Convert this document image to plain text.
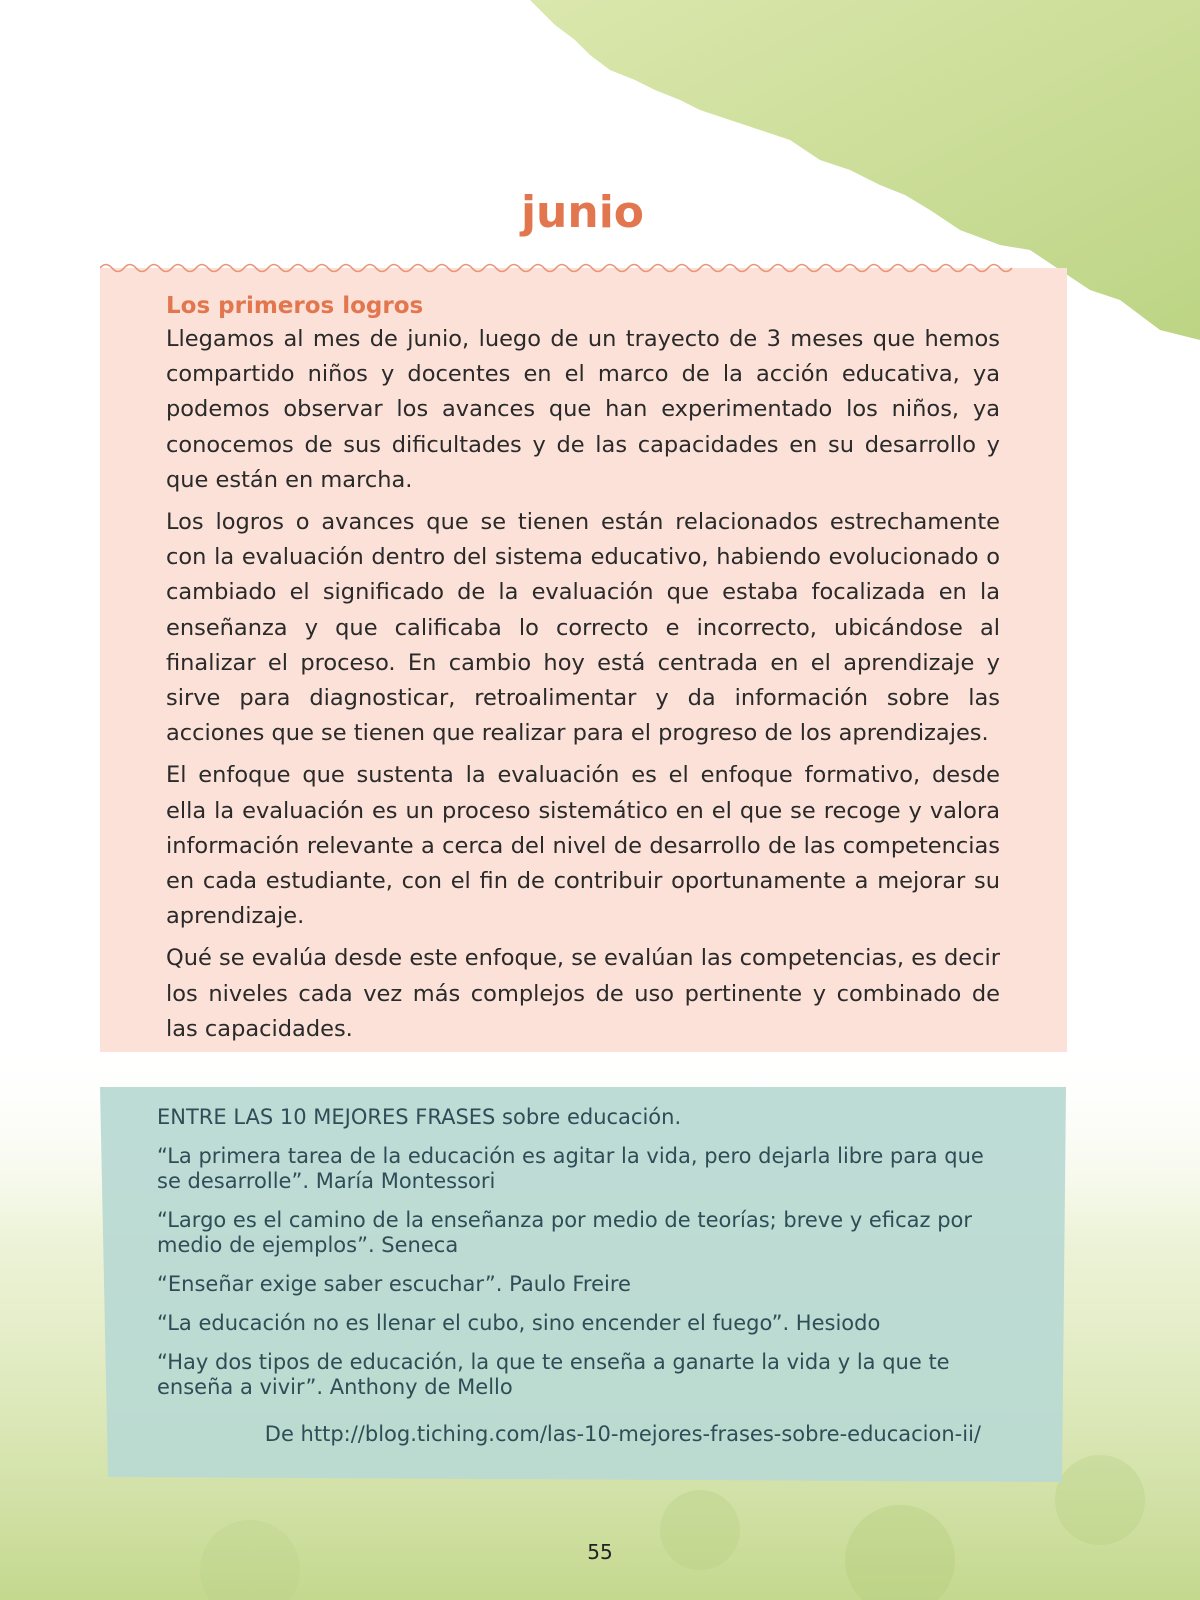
junio
Los primeros logros

Llegamos al mes de junio, luego de un trayecto de 3 meses que hemos compartido niños y docentes en el marco de la acción educativa, ya podemos observar los avances que han experimentado los niños, ya conocemos de sus dificultades y de las capacidades en su desarrollo y que están en marcha.

Los logros o avances que se tienen están relacionados estrechamente con la evaluación dentro del sistema educativo, habiendo evolucionado o cambiado el significado de la evaluación que estaba focalizada en la enseñanza y que calificaba lo correcto e incorrecto, ubicándose al finalizar el proceso. En cambio hoy está centrada en el aprendizaje y sirve para diagnosticar, retroalimentar y da información sobre las acciones que se tienen que realizar para el progreso de los aprendizajes.

El enfoque que sustenta la evaluación es el enfoque formativo, desde ella la evaluación es un proceso sistemático en el que se recoge y valora información relevante a cerca del nivel de desarrollo de las competencias en cada estudiante, con el fin de contribuir oportunamente a mejorar su aprendizaje.

Qué se evalúa desde este enfoque, se evalúan las competencias, es decir los niveles cada vez más complejos de uso pertinente y combinado de las capacidades.

ENTRE LAS 10 MEJORES FRASES sobre educación.

“La primera tarea de la educación es agitar la vida, pero dejarla libre para que se desarrolle”. María Montessori

“Largo es el camino de la enseñanza por medio de teorías; breve y eficaz por medio de ejemplos”. Seneca

“Enseñar exige saber escuchar”. Paulo Freire

“La educación no es llenar el cubo, sino encender el fuego”. Hesiodo

“Hay dos tipos de educación, la que te enseña a ganarte la vida y la que te enseña a vivir”. Anthony de Mello

De http://blog.tiching.com/las-10-mejores-frases-sobre-educacion-ii/

55
